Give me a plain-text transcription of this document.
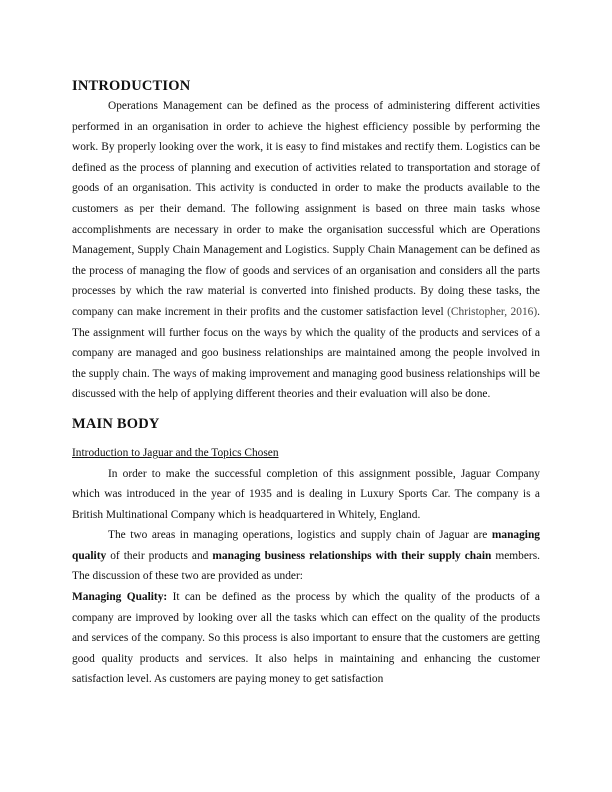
INTRODUCTION

Operations Management can be defined as the process of administering different activities performed in an organisation in order to achieve the highest efficiency possible by performing the work. By properly looking over the work, it is easy to find mistakes and rectify them. Logistics can be defined as the process of planning and execution of activities related to transportation and storage of goods of an organisation. This activity is conducted in order to make the products available to the customers as per their demand. The following assignment is based on three main tasks whose accomplishments are necessary in order to make the organisation successful which are Operations Management, Supply Chain Management and Logistics. Supply Chain Management can be defined as the process of managing the flow of goods and services of an organisation and considers all the parts processes by which the raw material is converted into finished products. By doing these tasks, the company can make increment in their profits and the customer satisfaction level (Christopher, 2016). The assignment will further focus on the ways by which the quality of the products and services of a company are managed and goo business relationships are maintained among the people involved in the supply chain. The ways of making improvement and managing good business relationships will be discussed with the help of applying different theories and their evaluation will also be done.

MAIN BODY

Introduction to Jaguar and the Topics Chosen

In order to make the successful completion of this assignment possible, Jaguar Company which was introduced in the year of 1935 and is dealing in Luxury Sports Car. The company is a British Multinational Company which is headquartered in Whitely, England.

The two areas in managing operations, logistics and supply chain of Jaguar are managing quality of their products and managing business relationships with their supply chain members. The discussion of these two are provided as under:

Managing Quality: It can be defined as the process by which the quality of the products of a company are improved by looking over all the tasks which can effect on the quality of the products and services of the company. So this process is also important to ensure that the customers are getting good quality products and services. It also helps in maintaining and enhancing the customer satisfaction level. As customers are paying money to get satisfaction
